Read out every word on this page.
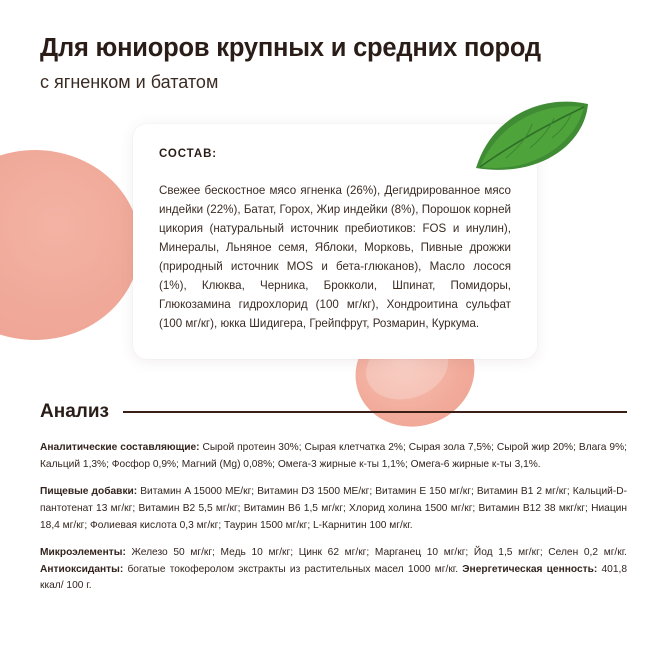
Для юниоров крупных и средних пород

с ягненком и бататом

СОСТАВ:

Свежее бескостное мясо ягненка (26%), Дегидрированное мясо индейки (22%), Батат, Горох, Жир индейки (8%), Порошок корней цикория (натуральный источник пребиотиков: FOS и инулин), Минералы, Льняное семя, Яблоки, Морковь, Пивные дрожжи (природный источник MOS и бета-глюканов), Масло лосося (1%), Клюква, Черника, Брокколи, Шпинат, Помидоры, Глюкозамина гидрохлорид (100 мг/кг), Хондроитина сульфат (100 мг/кг), юкка Шидигера, Грейпфрут, Розмарин, Куркума.

Анализ

Аналитические составляющие: Сырой протеин 30%; Сырая клетчатка 2%; Сырая зола 7,5%; Сырой жир 20%; Влага 9%; Кальций 1,3%; Фосфор 0,9%; Магний (Mg) 0,08%; Омега-3 жирные к-ты 1,1%; Омега-6 жирные к-ты 3,1%.

Пищевые добавки: Витамин A 15000 МЕ/кг; Витамин D3 1500 МЕ/кг; Витамин E 150 мг/кг; Витамин B1 2 мг/кг; Кальций-D-пантотенат 13 мг/кг; Витамин B2 5,5 мг/кг; Витамин B6 1,5 мг/кг; Хлорид холина 1500 мг/кг; Витамин B12 38 мкг/кг; Ниацин 18,4 мг/кг; Фолиевая кислота 0,3 мг/кг; Таурин 1500 мг/кг; L-Карнитин 100 мг/кг.

Микроэлементы: Железо 50 мг/кг; Медь 10 мг/кг; Цинк 62 мг/кг; Марганец 10 мг/кг; Йод 1,5 мг/кг; Селен 0,2 мг/кг. Антиоксиданты: богатые токоферолом экстракты из растительных масел 1000 мг/кг. Энергетическая ценность: 401,8 ккал/ 100 г.
